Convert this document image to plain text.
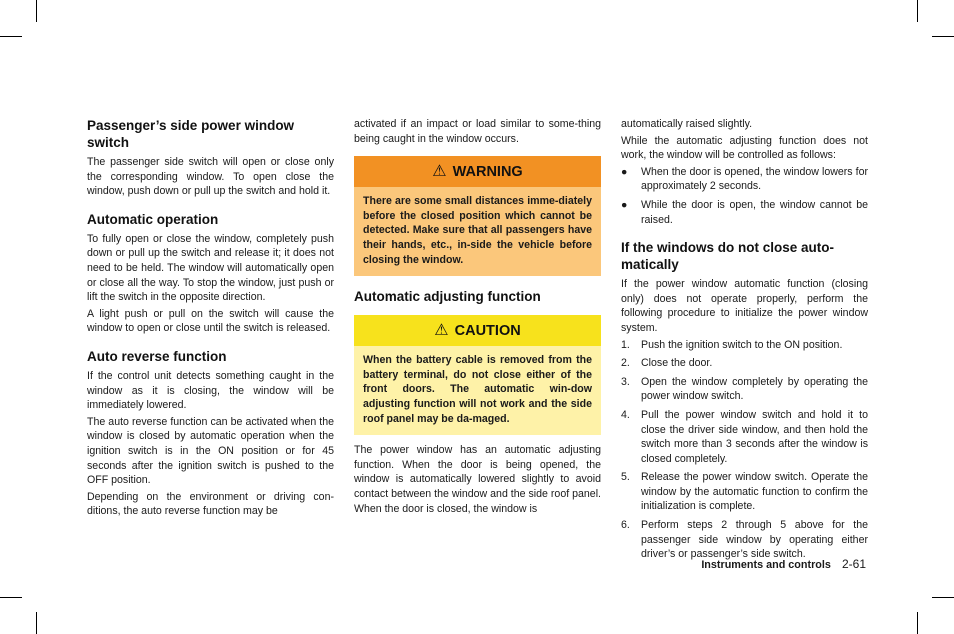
Passenger’s side power window switch
The passenger side switch will open or close only the corresponding window. To open close the window, push down or pull up the switch and hold it.
Automatic operation
To fully open or close the window, completely push down or pull up the switch and release it; it does not need to be held. The window will automatically open or close all the way. To stop the window, just push or lift the switch in the opposite direction.
A light push or pull on the switch will cause the window to open or close until the switch is released.
Auto reverse function
If the control unit detects something caught in the window as it is closing, the window will be immediately lowered.
The auto reverse function can be activated when the window is closed by automatic operation when the ignition switch is in the ON position or for 45 seconds after the ignition switch is pushed to the OFF position.
Depending on the environment or driving con-ditions, the auto reverse function may be
activated if an impact or load similar to some-thing being caught in the window occurs.
⚠ WARNING
There are some small distances imme-diately before the closed position which cannot be detected. Make sure that all passengers have their hands, etc., in-side the vehicle before closing the window.
Automatic adjusting function
⚠ CAUTION
When the battery cable is removed from the battery terminal, do not close either of the front doors. The automatic win-dow adjusting function will not work and the side roof panel may be da-maged.
The power window has an automatic adjusting function. When the door is being opened, the window is automatically lowered slightly to avoid contact between the window and the side roof panel. When the door is closed, the window is
automatically raised slightly.
While the automatic adjusting function does not work, the window will be controlled as follows:
● When the door is opened, the window lowers for approximately 2 seconds.
● While the door is open, the window cannot be raised.
If the windows do not close auto-matically
If the power window automatic function (closing only) does not operate properly, perform the following procedure to initialize the power window system.
1. Push the ignition switch to the ON position.
2. Close the door.
3. Open the window completely by operating the power window switch.
4. Pull the power window switch and hold it to close the driver side window, and then hold the switch more than 3 seconds after the window is closed completely.
5. Release the power window switch. Operate the window by the automatic function to confirm the initialization is complete.
6. Perform steps 2 through 5 above for the passenger side window by operating either driver’s or passenger’s side switch.
Instruments and controls 2-61
